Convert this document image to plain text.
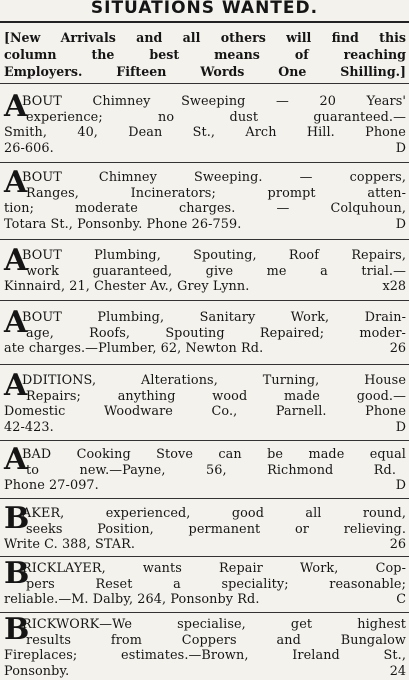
SITUATIONS WANTED.
[New Arrivals and all others will find this
column the best means of reaching
Employers. Fifteen Words One Shilling.]
A
BOUT Chimney Sweeping — 20 Years'
experience; no dust guaranteed.—
Smith, 40, Dean St., Arch Hill. Phone
26-606.	D
A
BOUT Chimney Sweeping. — coppers,
Ranges, Incinerators; prompt atten-
tion; moderate charges. — Colquhoun,
Totara St., Ponsonby. Phone 26-759.	D
A
BOUT Plumbing, Spouting, Roof Repairs,
work guaranteed, give me a trial.—
Kinnaird, 21, Chester Av., Grey Lynn.	x28
A
BOUT Plumbing, Sanitary Work, Drain-
age, Roofs, Spouting Repaired; moder-
ate charges.—Plumber, 62, Newton Rd.	26
A
DDITIONS, Alterations, Turning, House
Repairs; anything wood made good.—
Domestic Woodware Co., Parnell. Phone
42-423.	D
A
BAD Cooking Stove can be made equal
to new.—Payne, 56, Richmond Rd.
Phone 27-097.	D
B
AKER, experienced, good all round,
seeks Position, permanent or relieving.
Write C. 388, STAR.	26
B
RICKLAYER, wants Repair Work, Cop-
pers Reset a speciality; reasonable;
reliable.—M. Dalby, 264, Ponsonby Rd.	C
B
RICKWORK—We specialise, get highest
results from Coppers and Bungalow
Fireplaces; estimates.—Brown, Ireland St.,
Ponsonby.	24
